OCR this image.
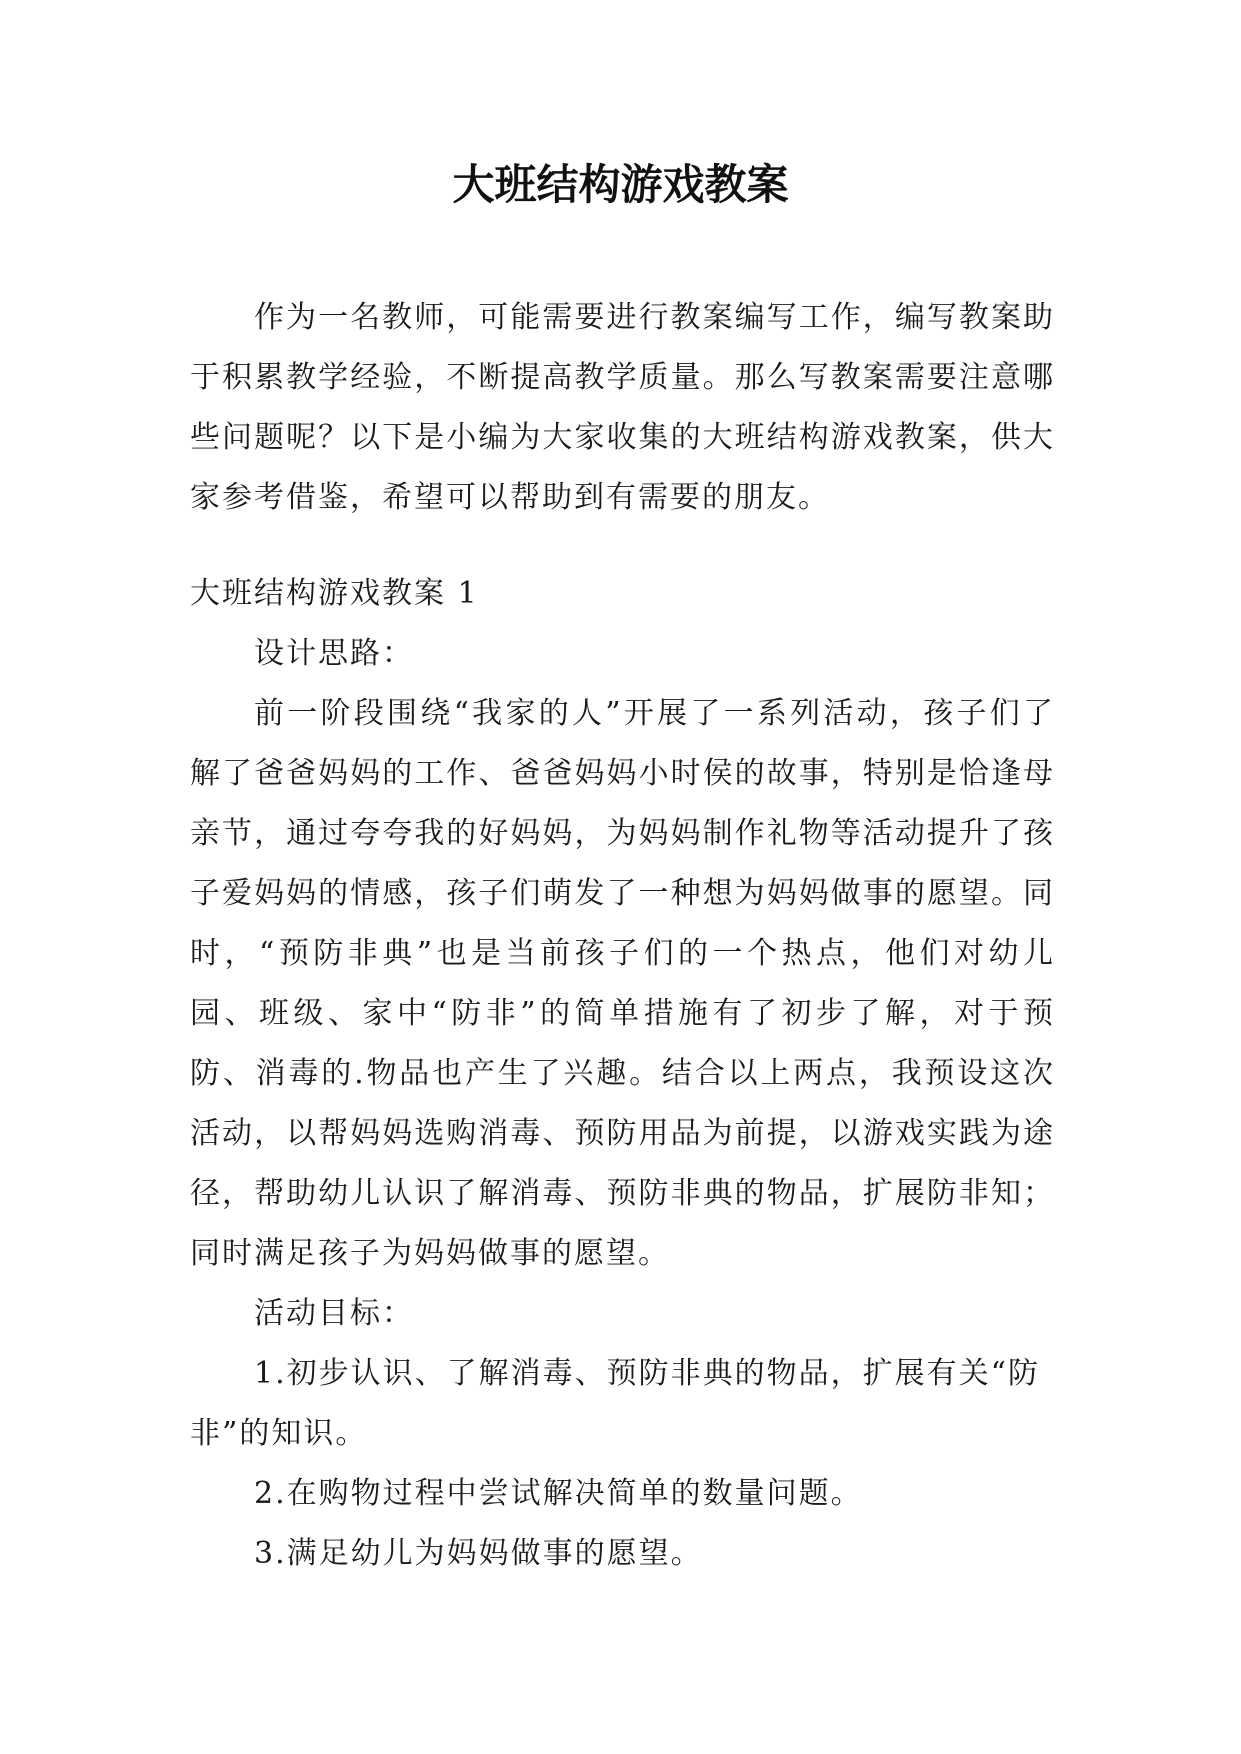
大班结构游戏教案

作为一名教师，可能需要进行教案编写工作，编写教案助于积累教学经验，不断提高教学质量。那么写教案需要注意哪些问题呢？以下是小编为大家收集的大班结构游戏教案，供大家参考借鉴，希望可以帮助到有需要的朋友。

大班结构游戏教案 1

设计思路：

前一阶段围绕“我家的人”开展了一系列活动，孩子们了解了爸爸妈妈的工作、爸爸妈妈小时侯的故事，特别是恰逢母亲节，通过夸夸我的好妈妈，为妈妈制作礼物等活动提升了孩子爱妈妈的情感，孩子们萌发了一种想为妈妈做事的愿望。同时，“预防非典”也是当前孩子们的一个热点，他们对幼儿园、班级、家中“防非”的简单措施有了初步了解，对于预防、消毒的.物品也产生了兴趣。结合以上两点，我预设这次活动，以帮妈妈选购消毒、预防用品为前提，以游戏实践为途径，帮助幼儿认识了解消毒、预防非典的物品，扩展防非知；同时满足孩子为妈妈做事的愿望。

活动目标：

1.初步认识、了解消毒、预防非典的物品，扩展有关“防非”的知识。

2.在购物过程中尝试解决简单的数量问题。

3.满足幼儿为妈妈做事的愿望。
